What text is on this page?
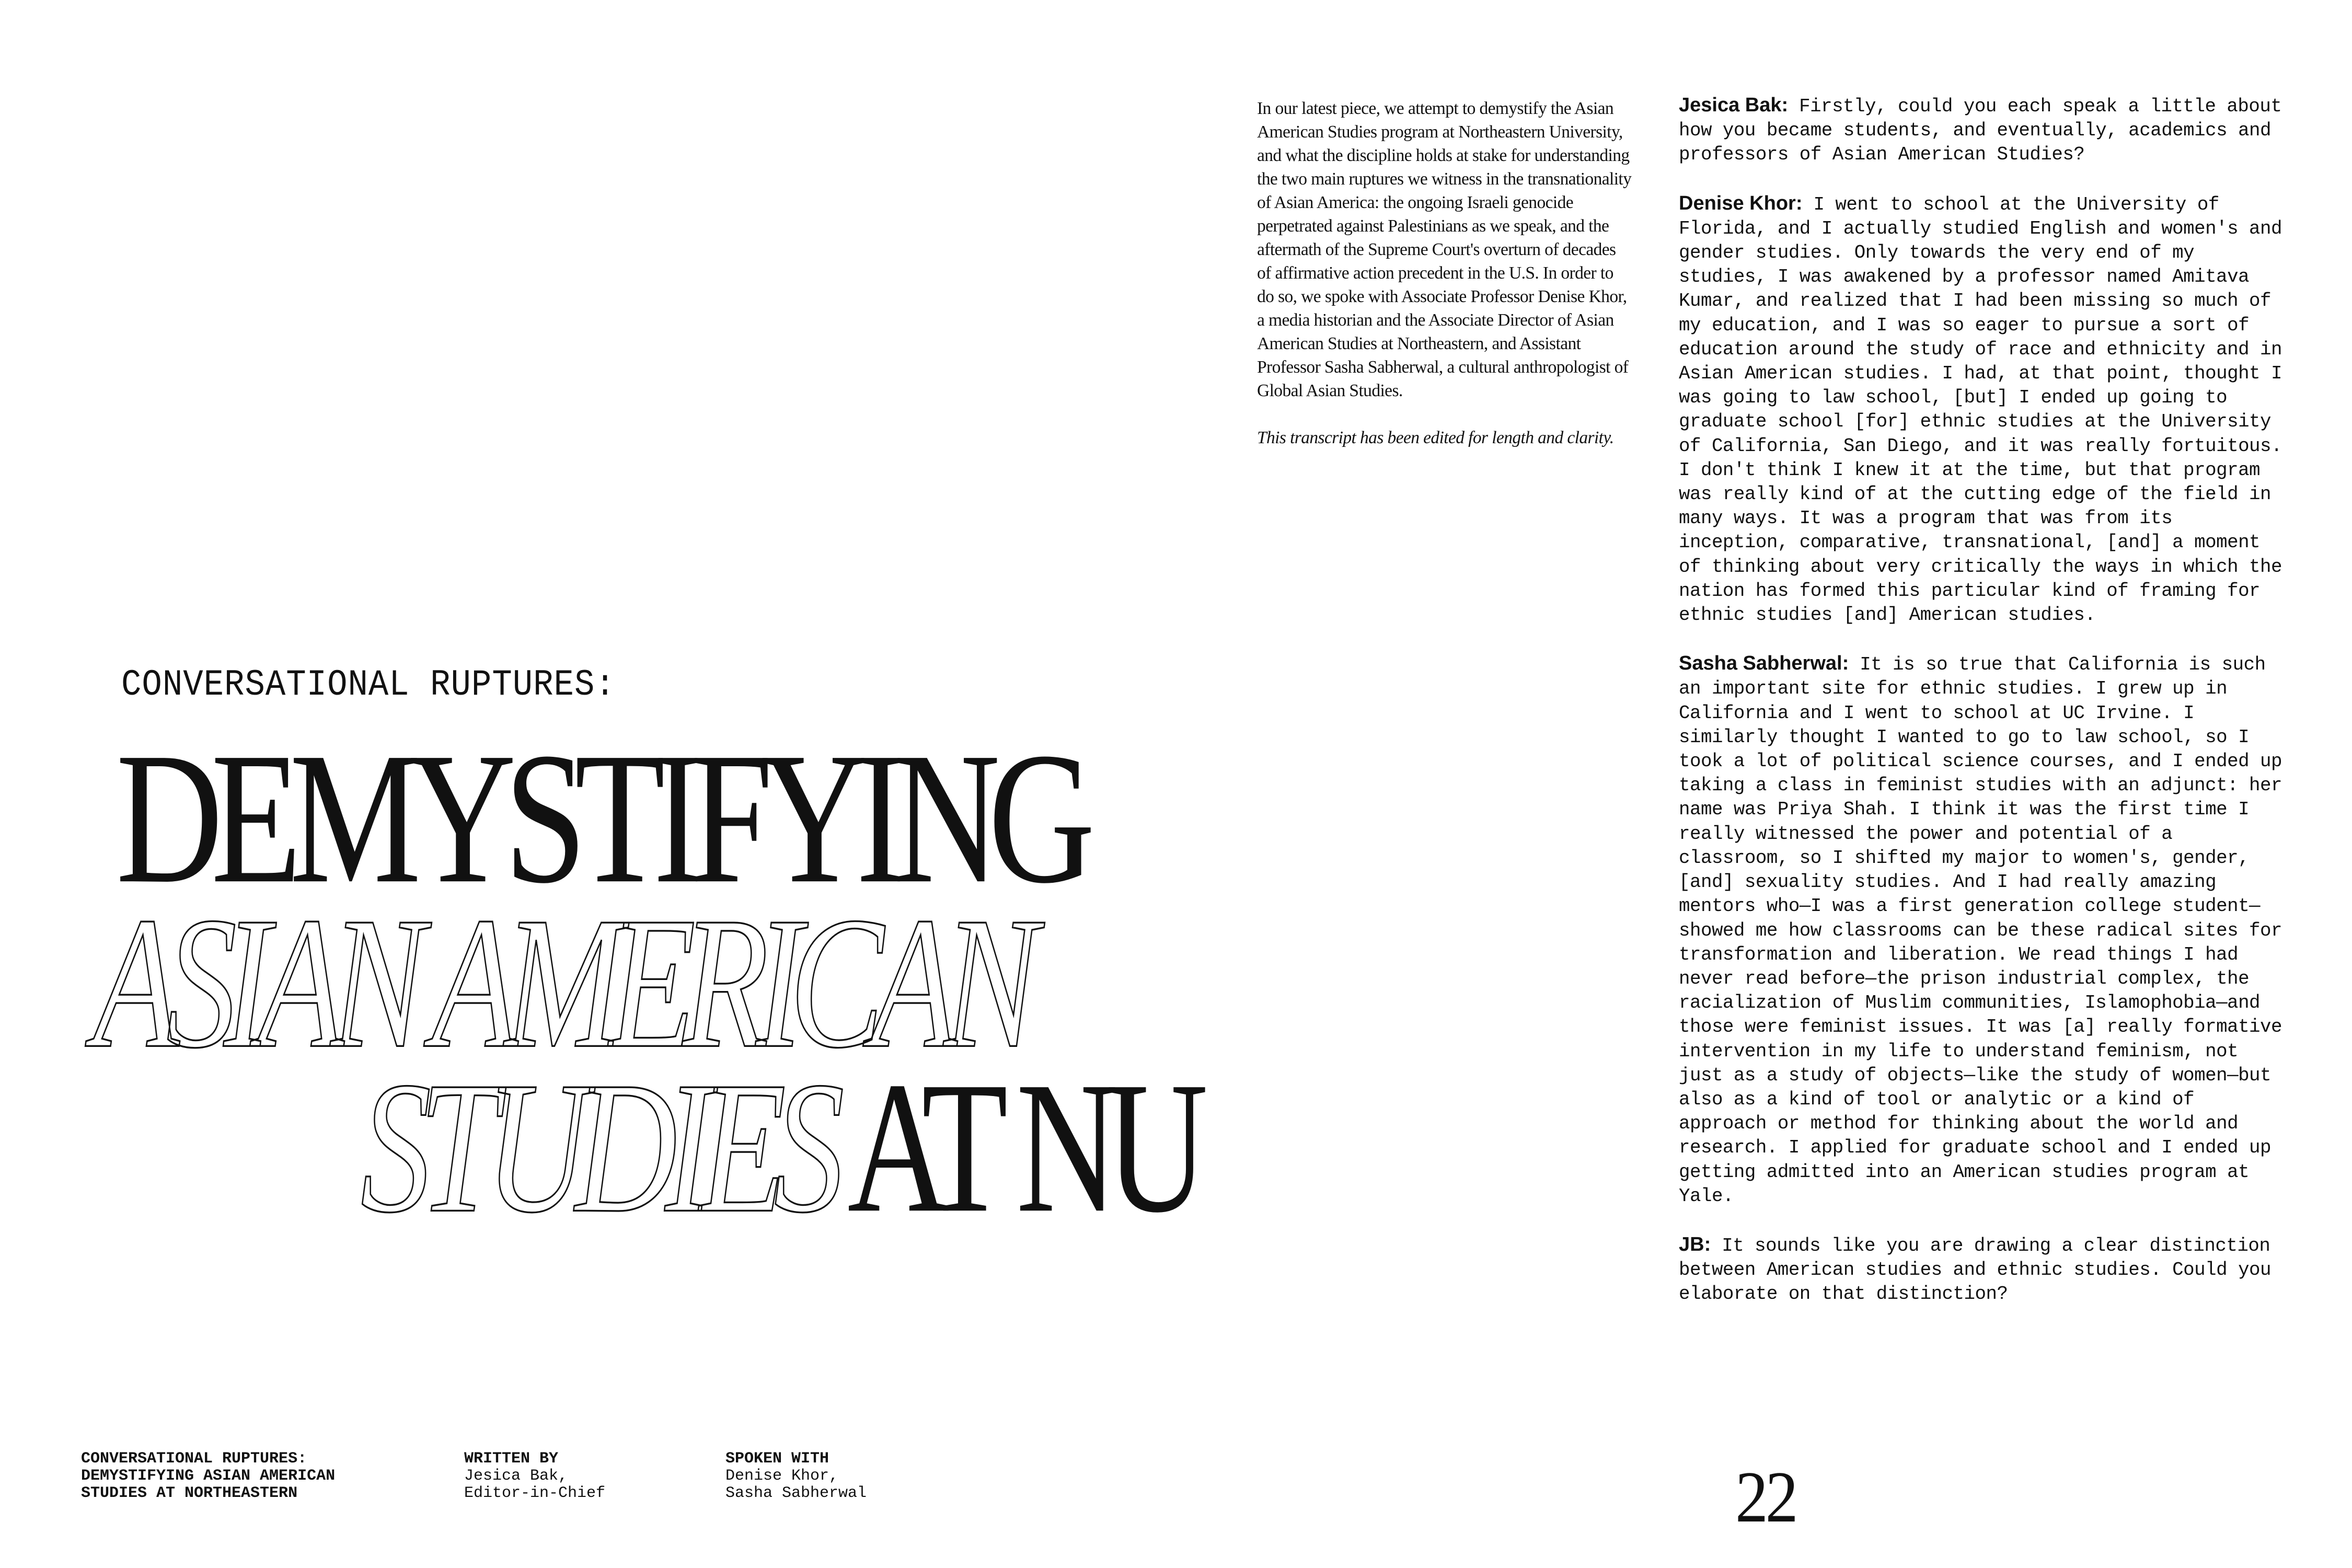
In our latest piece, we attempt to demystify the Asian American Studies program at Northeastern University, and what the discipline holds at stake for understanding the two main ruptures we witness in the transnationality of Asian America: the ongoing Israeli genocide perpetrated against Palestinians as we speak, and the aftermath of the Supreme Court's overturn of decades of affirmative action precedent in the U.S. In order to do so, we spoke with Associate Professor Denise Khor, a media historian and the Associate Director of Asian American Studies at Northeastern, and Assistant Professor Sasha Sabherwal, a cultural anthropologist of Global Asian Studies.

This transcript has been edited for length and clarity.

CONVERSATIONAL RUPTURES:
DEMYSTIFYING
ASIAN AMERICAN
STUDIES AT NU
CONVERSATIONAL RUPTURES:
DEMYSTIFYING ASIAN AMERICAN
STUDIES AT NORTHEASTERN
WRITTEN BY
Jesica Bak,
Editor-in-Chief
SPOKEN WITH
Denise Khor,
Sasha Sabherwal

Jesica Bak: Firstly, could you each speak a little about how you became students, and eventually, academics and professors of Asian American Studies?

Denise Khor: I went to school at the University of Florida, and I actually studied English and women's and gender studies. Only towards the very end of my studies, I was awakened by a professor named Amitava Kumar, and realized that I had been missing so much of my education, and I was so eager to pursue a sort of education around the study of race and ethnicity and in Asian American studies. I had, at that point, thought I was going to law school, [but] I ended up going to graduate school [for] ethnic studies at the University of California, San Diego, and it was really fortuitous. I don't think I knew it at the time, but that program was really kind of at the cutting edge of the field in many ways. It was a program that was from its inception, comparative, transnational, [and] a moment of thinking about very critically the ways in which the nation has formed this particular kind of framing for ethnic studies [and] American studies.

Sasha Sabherwal: It is so true that California is such an important site for ethnic studies. I grew up in California and I went to school at UC Irvine. I similarly thought I wanted to go to law school, so I took a lot of political science courses, and I ended up taking a class in feminist studies with an adjunct: her name was Priya Shah. I think it was the first time I really witnessed the power and potential of a classroom, so I shifted my major to women's, gender, [and] sexuality studies. And I had really amazing mentors who—I was a first generation college student—showed me how classrooms can be these radical sites for transformation and liberation. We read things I had never read before—the prison industrial complex, the racialization of Muslim communities, Islamophobia—and those were feminist issues. It was [a] really formative intervention in my life to understand feminism, not just as a study of objects—like the study of women—but also as a kind of tool or analytic or a kind of approach or method for thinking about the world and research. I applied for graduate school and I ended up getting admitted into an American studies program at Yale.

JB: It sounds like you are drawing a clear distinction between American studies and ethnic studies. Could you elaborate on that distinction?

22
